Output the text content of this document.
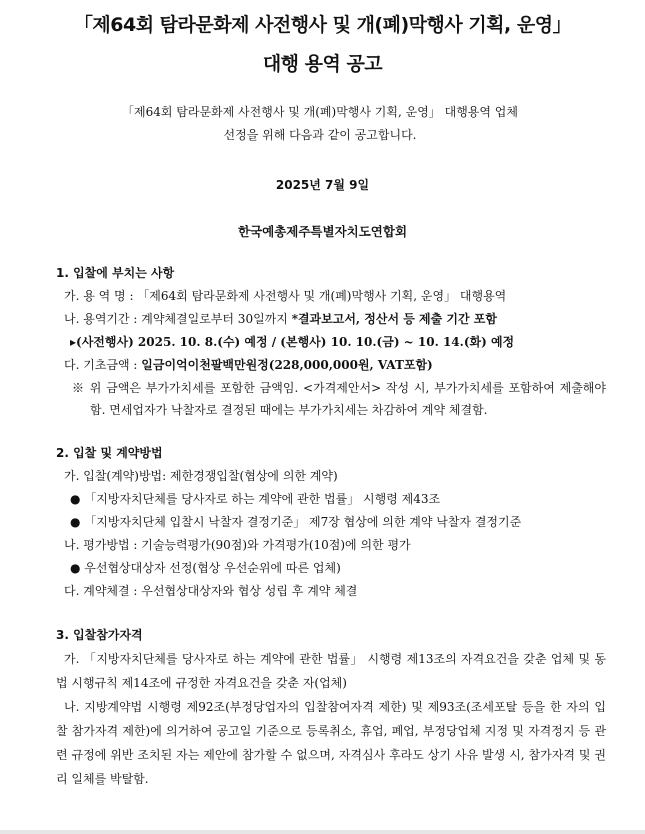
「제64회 탐라문화제 사전행사 및 개(폐)막행사 기획, 운영」
대행 용역 공고
「제64회 탐라문화제 사전행사 및 개(폐)막행사 기획, 운영」 대행용역 업체
선정을 위해 다음과 같이 공고합니다.
2025년 7월 9일
한국예총제주특별자치도연합회
1. 입찰에 부치는 사항
가. 용 역 명 : 「제64회 탐라문화제 사전행사 및 개(폐)막행사 기획, 운영」 대행용역
나. 용역기간 : 계약체결일로부터 30일까지 *결과보고서, 정산서 등 제출 기간 포함
▸(사전행사) 2025. 10. 8.(수) 예정 / (본행사) 10. 10.(금) ~ 10. 14.(화) 예정
다. 기초금액 : 일금이억이천팔백만원정(228,000,000원, VAT포함)
※ 위 금액은 부가가치세를 포함한 금액임. <가격제안서> 작성 시, 부가가치세를 포함하여 제출해야 함. 면세업자가 낙찰자로 결정된 때에는 부가가치세는 차감하여 계약 체결함.
2. 입찰 및 계약방법
가. 입찰(계약)방법: 제한경쟁입찰(협상에 의한 계약)
● 「지방자치단체를 당사자로 하는 계약에 관한 법률」 시행령 제43조
● 「지방자치단체 입찰시 낙찰자 결정기준」 제7장 협상에 의한 계약 낙찰자 결정기준
나. 평가방법 : 기술능력평가(90점)와 가격평가(10점)에 의한 평가
● 우선협상대상자 선정(협상 우선순위에 따른 업체)
다. 계약체결 : 우선협상대상자와 협상 성립 후 계약 체결
3. 입찰참가자격
가. 「지방자치단체를 당사자로 하는 계약에 관한 법률」 시행령 제13조의 자격요건을 갖춘 업체 및 동법 시행규칙 제14조에 규정한 자격요건을 갖춘 자(업체)
나. 지방계약법 시행령 제92조(부정당업자의 입찰참여자격 제한) 및 제93조(조세포탈 등을 한 자의 입찰 참가자격 제한)에 의거하여 공고일 기준으로 등록취소, 휴업, 폐업, 부정당업체 지정 및 자격정지 등 관련 규정에 위반 조치된 자는 제안에 참가할 수 없으며, 자격심사 후라도 상기 사유 발생 시, 참가자격 및 권리 일체를 박탈함.
